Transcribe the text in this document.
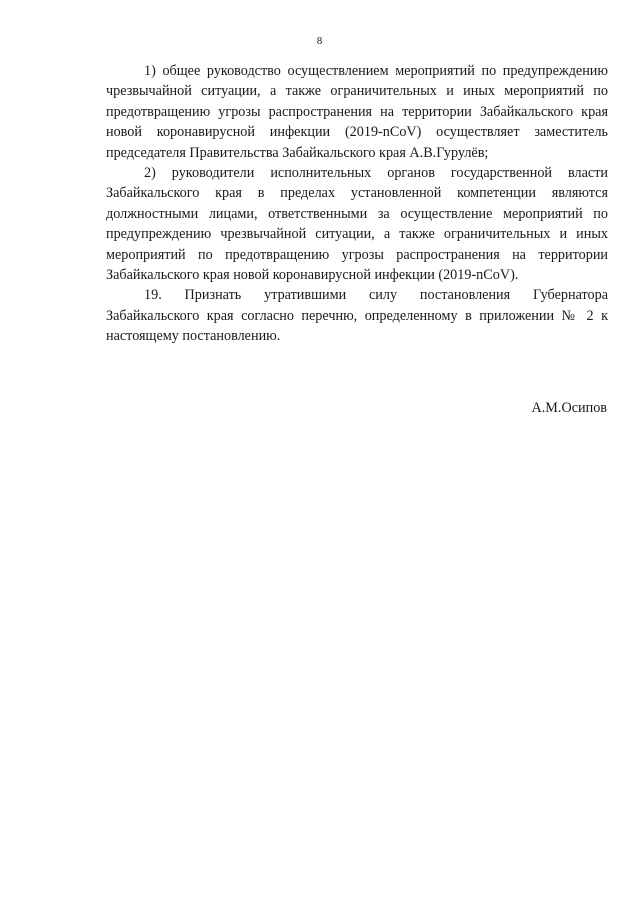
8

1) общее руководство осуществлением мероприятий по предупреждению чрезвычайной ситуации, а также ограничительных и иных мероприятий по предотвращению угрозы распространения на территории Забайкальского края новой коронавирусной инфекции (2019-nCoV) осуществляет заместитель председателя Правительства Забайкальского края А.В.Гурулёв;

2) руководители исполнительных органов государственной власти Забайкальского края в пределах установленной компетенции являются должностными лицами, ответственными за осуществление мероприятий по предупреждению чрезвычайной ситуации, а также ограничительных и иных мероприятий по предотвращению угрозы распространения на территории Забайкальского края новой коронавирусной инфекции (2019-nCoV).

19. Признать утратившими силу постановления Губернатора Забайкальского края согласно перечню, определенному в приложении № 2 к настоящему постановлению.

А.М.Осипов
